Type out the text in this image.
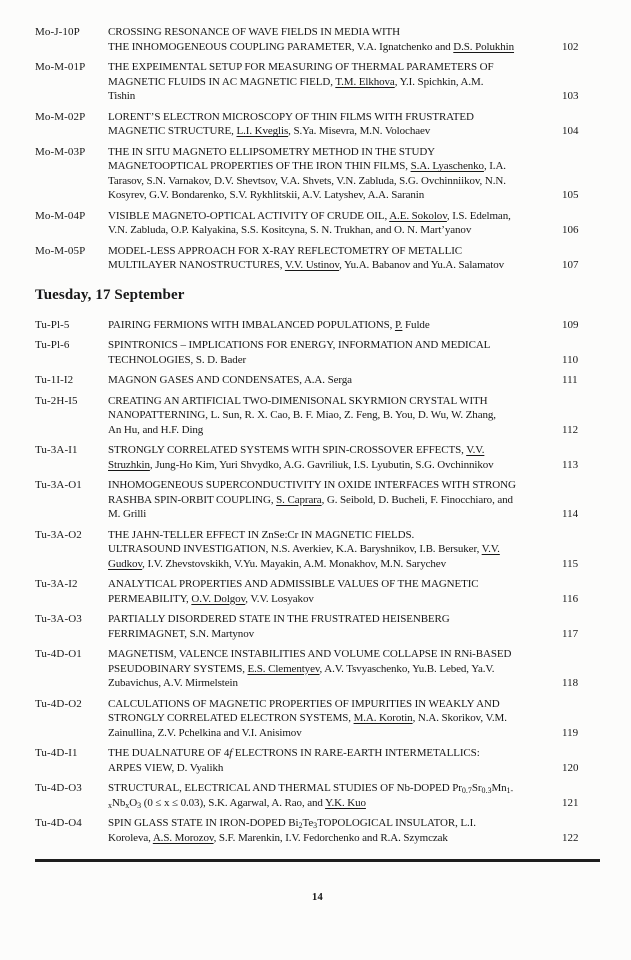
Mo-J-10P	CROSSING RESONANCE OF WAVE FIELDS IN MEDIA WITH
THE INHOMOGENEOUS COUPLING PARAMETER, V.A. Ignatchenko and D.S. Polukhin	102
Mo-M-01P	THE EXPEIMENTAL SETUP FOR MEASURING OF THERMAL PARAMETERS OF
MAGNETIC FLUIDS IN AC MAGNETIC FIELD, T.M. Elkhova, Y.I. Spichkin, A.M.
Tishin	103
Mo-M-02P	LORENT’S ELECTRON MICROSCOPY OF THIN FILMS WITH FRUSTRATED
MAGNETIC STRUCTURE, L.I. Kveglis, S.Ya. Misevra, M.N. Volochaev	104
Mo-M-03P	THE IN SITU MAGNETO ELLIPSOMETRY METHOD IN THE STUDY
MAGNETOOPTICAL PROPERTIES OF THE IRON THIN FILMS, S.A. Lyaschenko, I.A.
Tarasov, S.N. Varnakov, D.V. Shevtsov, V.A. Shvets, V.N. Zabluda, S.G. Ovchinniikov, N.N.
Kosyrev, G.V. Bondarenko, S.V. Rykhlitskii, A.V. Latyshev, A.A. Saranin	105
Mo-M-04P	VISIBLE MAGNETO-OPTICAL ACTIVITY OF CRUDE OIL, A.E. Sokolov, I.S. Edelman,
V.N. Zabluda, O.P. Kalyakina, S.S. Kositcyna, S. N. Trukhan, and O. N. Mart’yanov	106
Mo-M-05P	MODEL-LESS APPROACH FOR X-RAY REFLECTOMETRY OF METALLIC
MULTILAYER NANOSTRUCTURES, V.V. Ustinov, Yu.A. Babanov and Yu.A. Salamatov	107
Tuesday, 17 September
Tu-Pl-5	PAIRING FERMIONS WITH IMBALANCED POPULATIONS, P. Fulde	109
Tu-Pl-6	SPINTRONICS – IMPLICATIONS FOR ENERGY, INFORMATION AND MEDICAL
TECHNOLOGIES, S. D. Bader	110
Tu-1I-I2	MAGNON GASES AND CONDENSATES, A.A. Serga	111
Tu-2H-I5	CREATING AN ARTIFICIAL TWO-DIMENISONAL SKYRMION CRYSTAL WITH
NANOPATTERNING, L. Sun, R. X. Cao, B. F. Miao, Z. Feng, B. You, D. Wu, W. Zhang,
An Hu, and H.F. Ding	112
Tu-3A-I1	STRONGLY CORRELATED SYSTEMS WITH SPIN-CROSSOVER EFFECTS, V.V.
Struzhkin, Jung-Ho Kim, Yuri Shvydko, A.G. Gavriliuk, I.S. Lyubutin, S.G. Ovchinnikov	113
Tu-3A-O1	INHOMOGENEOUS SUPERCONDUCTIVITY IN OXIDE INTERFACES WITH STRONG
RASHBA SPIN-ORBIT COUPLING, S. Caprara, G. Seibold, D. Bucheli, F. Finocchiaro, and
M. Grilli	114
Tu-3A-O2	THE JAHN-TELLER EFFECT IN ZnSe:Cr IN MAGNETIC FIELDS.
ULTRASOUND INVESTIGATION, N.S. Averkiev, K.A. Baryshnikov, I.B. Bersuker, V.V.
Gudkov, I.V. Zhevstovskikh, V.Yu. Mayakin, A.M. Monakhov, M.N. Sarychev	115
Tu-3A-I2	ANALYTICAL PROPERTIES AND ADMISSIBLE VALUES OF THE MAGNETIC
PERMEABILITY, O.V. Dolgov, V.V. Losyakov	116
Tu-3A-O3	PARTIALLY DISORDERED STATE IN THE FRUSTRATED HEISENBERG
FERRIMAGNET, S.N. Martynov	117
Tu-4D-O1	MAGNETISM, VALENCE INSTABILITIES AND VOLUME COLLAPSE IN RNi-BASED
PSEUDOBINARY SYSTEMS, E.S. Clementyev, A.V. Tsvyaschenko, Yu.B. Lebed, Ya.V.
Zubavichus, A.V. Mirmelstein	118
Tu-4D-O2	CALCULATIONS OF MAGNETIC PROPERTIES OF IMPURITIES IN WEAKLY AND
STRONGLY CORRELATED ELECTRON SYSTEMS, M.A. Korotin, N.A. Skorikov, V.M.
Zainullina, Z.V. Pchelkina and V.I. Anisimov	119
Tu-4D-I1	THE DUALNATURE OF 4f ELECTRONS IN RARE-EARTH INTERMETALLICS:
ARPES VIEW, D. Vyalikh	120
Tu-4D-O3	STRUCTURAL, ELECTRICAL AND THERMAL STUDIES OF Nb-DOPED $Pr_{0.7}Sr_{0.3}Mn_{1-}$
$_xNb_xO_3$ (0 ≤ x ≤ 0.03), S.K. Agarwal, A. Rao, and Y.K. Kuo	121
Tu-4D-O4	SPIN GLASS STATE IN IRON-DOPED $Bi_2Te_3TOPOLOGICAL$ INSULATOR, L.I.
Koroleva, A.S. Morozov, S.F. Marenkin, I.V. Fedorchenko and R.A. Szymczak	122
14
